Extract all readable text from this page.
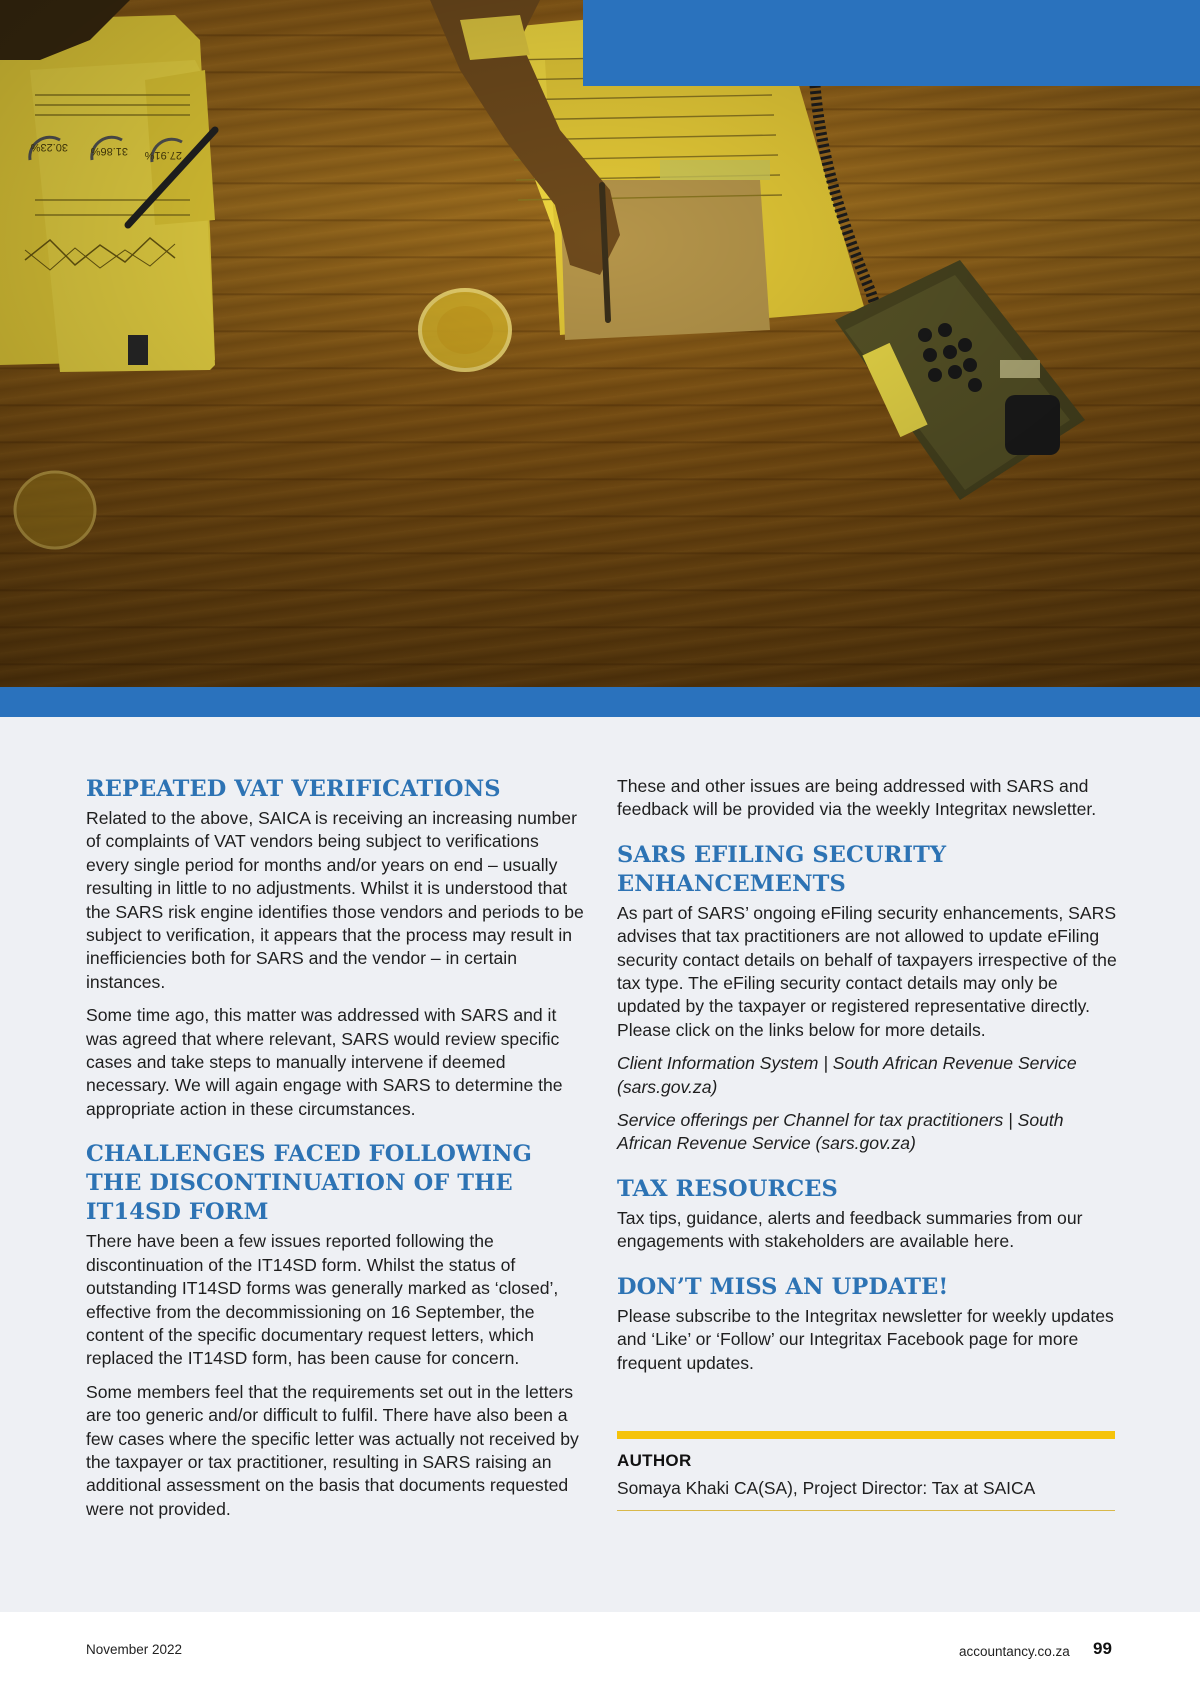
REPEATED VAT VERIFICATIONS

Related to the above, SAICA is receiving an increasing number of complaints of VAT vendors being subject to verifications every single period for months and/or years on end – usually resulting in little to no adjustments. Whilst it is understood that the SARS risk engine identifies those vendors and periods to be subject to verification, it appears that the process may result in inefficiencies both for SARS and the vendor – in certain instances.

Some time ago, this matter was addressed with SARS and it was agreed that where relevant, SARS would review specific cases and take steps to manually intervene if deemed necessary. We will again engage with SARS to determine the appropriate action in these circumstances.

CHALLENGES FACED FOLLOWING THE DISCONTINUATION OF THE IT14SD FORM

There have been a few issues reported following the discontinuation of the IT14SD form. Whilst the status of outstanding IT14SD forms was generally marked as ‘closed’, effective from the decommissioning on 16 September, the content of the specific documentary request letters, which replaced the IT14SD form, has been cause for concern.

Some members feel that the requirements set out in the letters are too generic and/or difficult to fulfil. There have also been a few cases where the specific letter was actually not received by the taxpayer or tax practitioner, resulting in SARS raising an additional assessment on the basis that documents requested were not provided.

These and other issues are being addressed with SARS and feedback will be provided via the weekly Integritax newsletter.

SARS EFILING SECURITY ENHANCEMENTS

As part of SARS’ ongoing eFiling security enhancements, SARS advises that tax practitioners are not allowed to update eFiling security contact details on behalf of taxpayers irrespective of the tax type. The eFiling security contact details may only be updated by the taxpayer or registered representative directly. Please click on the links below for more details.

Client Information System | South African Revenue Service (sars.gov.za)

Service offerings per Channel for tax practitioners | South African Revenue Service (sars.gov.za)

TAX RESOURCES

Tax tips, guidance, alerts and feedback summaries from our engagements with stakeholders are available here.

DON’T MISS AN UPDATE!

Please subscribe to the Integritax newsletter for weekly updates and ‘Like’ or ‘Follow’ our Integritax Facebook page for more frequent updates.

AUTHOR
Somaya Khaki CA(SA), Project Director: Tax at SAICA
November 2022	accountancy.co.za 99
